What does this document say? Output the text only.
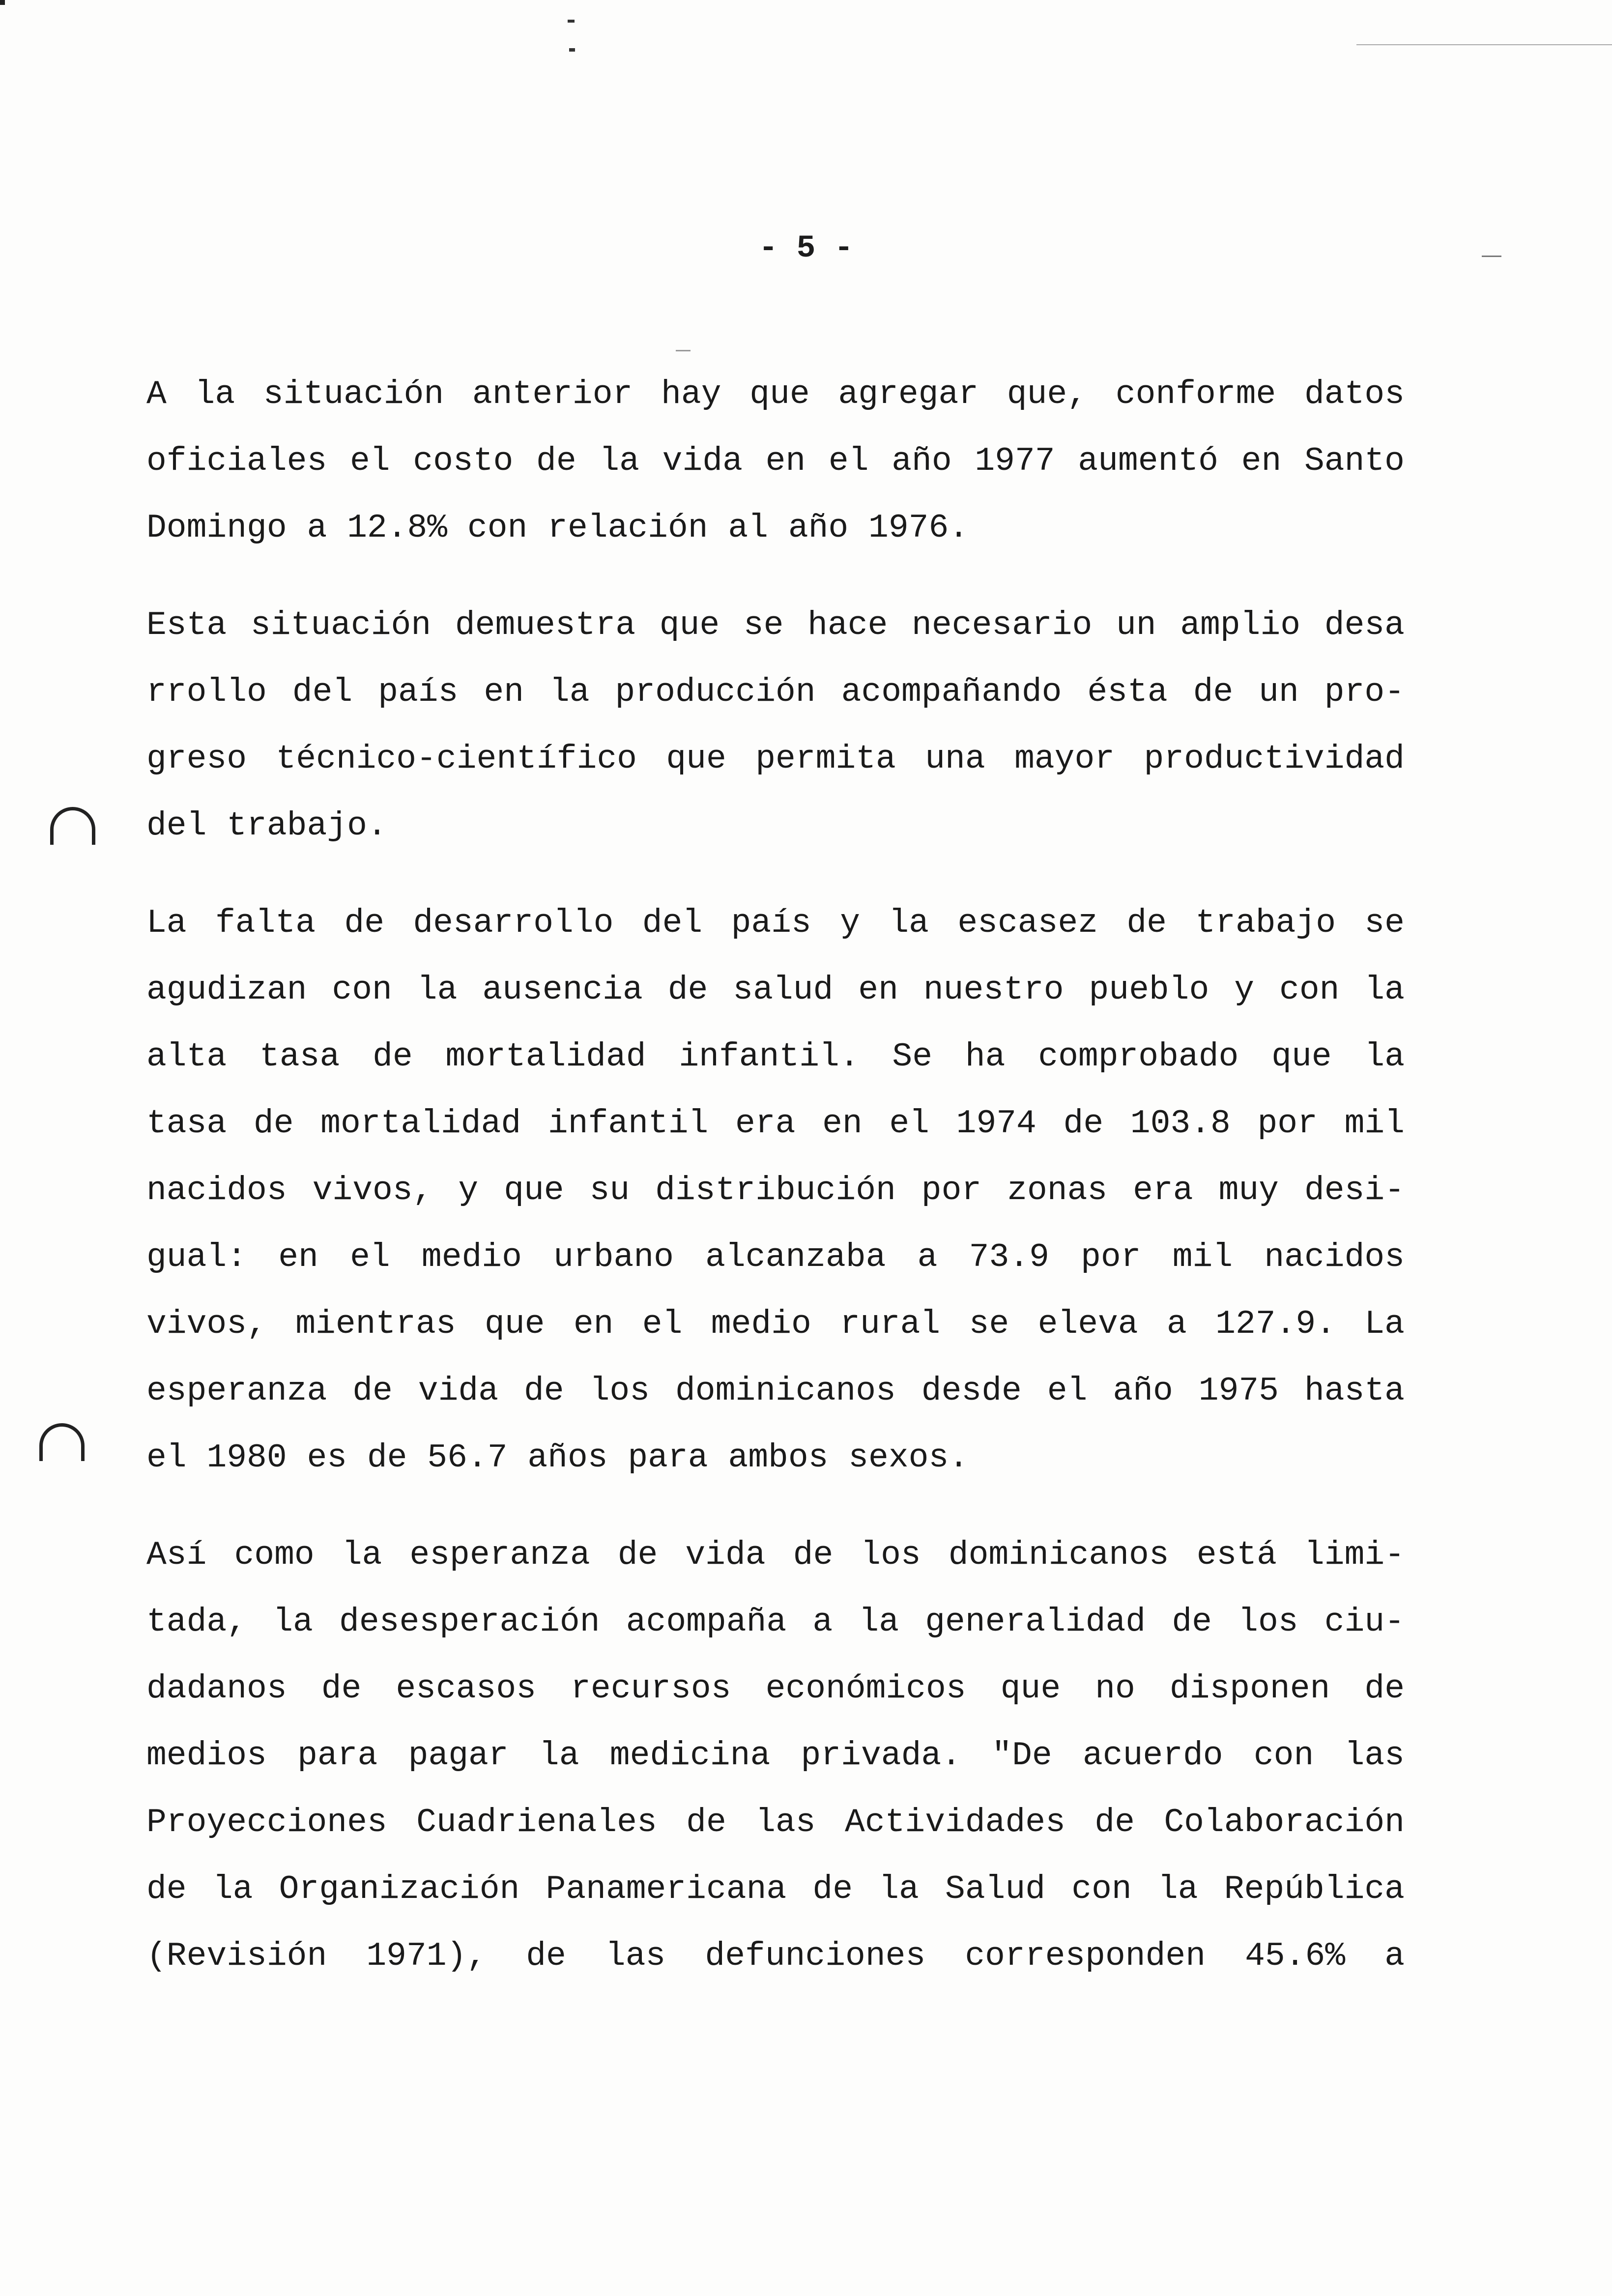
- 5 -
A la situación anterior hay que agregar que, conforme datos
oficiales el costo de la vida en el año 1977 aumentó en Santo
Domingo a 12.8% con relación al año 1976.
Esta situación demuestra que se hace necesario un amplio desa
rrollo del país en la producción acompañando ésta de un pro-
greso técnico-científico que permita una mayor productividad
del trabajo.
La falta de desarrollo del país y la escasez de trabajo se
agudizan con la ausencia de salud en nuestro pueblo y con la
alta tasa de mortalidad infantil. Se ha comprobado que la
tasa de mortalidad infantil era en el 1974 de 103.8 por mil
nacidos vivos, y que su distribución por zonas era muy desi-
gual: en el medio urbano alcanzaba a 73.9 por mil nacidos
vivos, mientras que en el medio rural se eleva a 127.9. La
esperanza de vida de los dominicanos desde el año 1975 hasta
el 1980 es de 56.7 años para ambos sexos.
Así como la esperanza de vida de los dominicanos está limi-
tada, la desesperación acompaña a la generalidad de los ciu-
dadanos de escasos recursos económicos que no disponen de
medios para pagar la medicina privada. "De acuerdo con las
Proyecciones Cuadrienales de las Actividades de Colaboración
de la Organización Panamericana de la Salud con la República
(Revisión 1971), de las defunciones corresponden 45.6% a
